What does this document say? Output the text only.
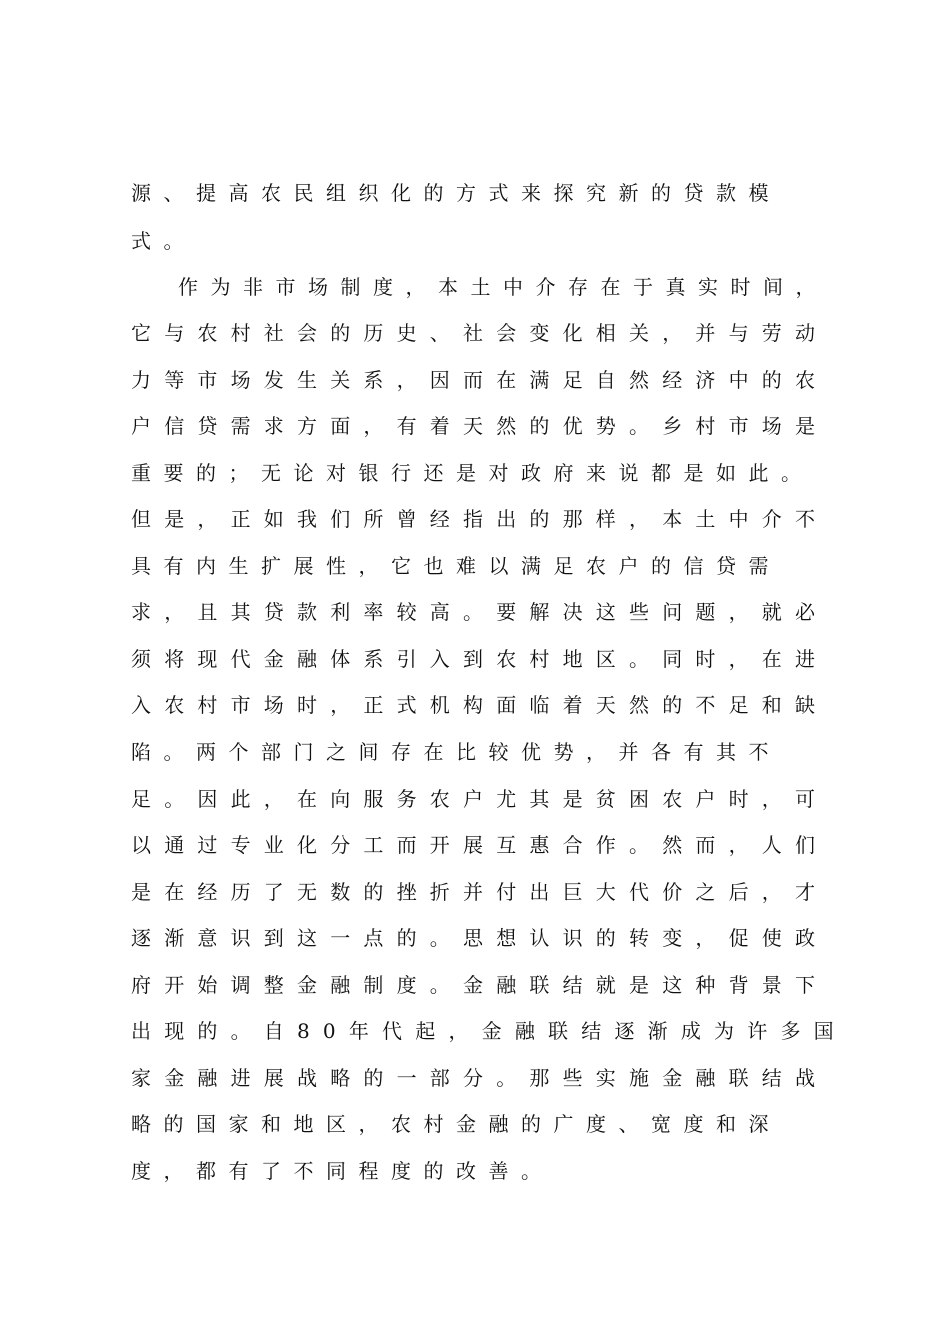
源、提高农民组织化的方式来探究新的贷款模
式。
作为非市场制度，本土中介存在于真实时间，
它与农村社会的历史、社会变化相关，并与劳动
力等市场发生关系，因而在满足自然经济中的农
户信贷需求方面，有着天然的优势。乡村市场是
重要的；无论对银行还是对政府来说都是如此。
但是，正如我们所曾经指出的那样，本土中介不
具有内生扩展性，它也难以满足农户的信贷需
求，且其贷款利率较高。要解决这些问题，就必
须将现代金融体系引入到农村地区。同时，在进
入农村市场时，正式机构面临着天然的不足和缺
陷。两个部门之间存在比较优势，并各有其不
足。因此，在向服务农户尤其是贫困农户时，可
以通过专业化分工而开展互惠合作。然而，人们
是在经历了无数的挫折并付出巨大代价之后，才
逐渐意识到这一点的。思想认识的转变，促使政
府开始调整金融制度。金融联结就是这种背景下
出现的。自80年代起，金融联结逐渐成为许多国
家金融进展战略的一部分。那些实施金融联结战
略的国家和地区，农村金融的广度、宽度和深
度，都有了不同程度的改善。
